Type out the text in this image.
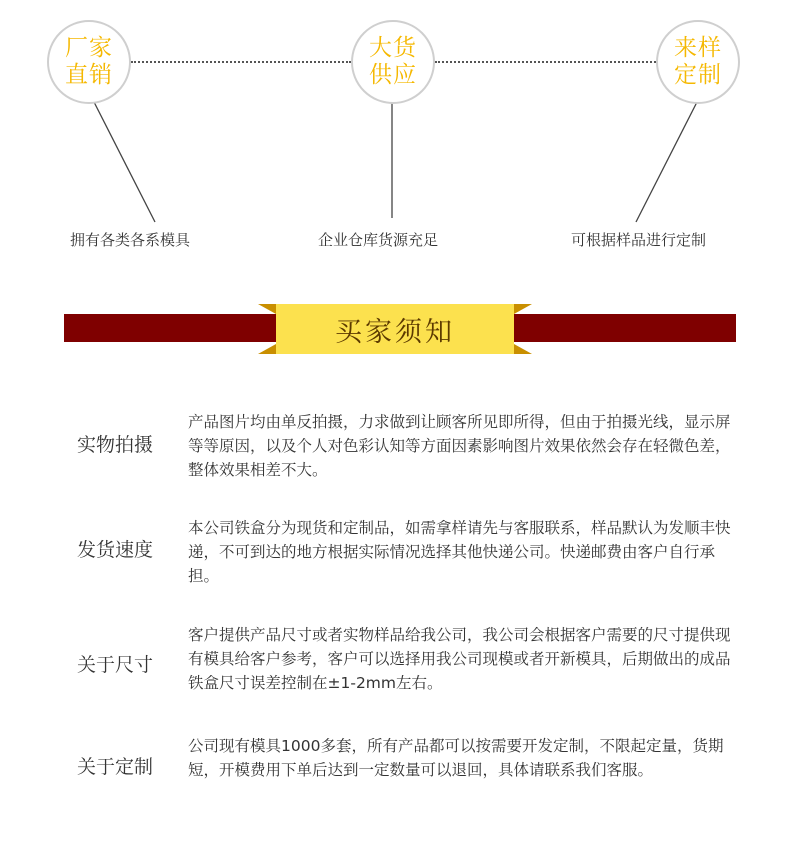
厂家
直销
大货
供应
来样
定制
拥有各类各系模具	企业仓库货源充足	可根据样品进行定制
买家须知
实物拍摄
产品图片均由单反拍摄，力求做到让顾客所见即所得，但由于拍摄光线，显示屏等等原因，以及个人对色彩认知等方面因素影响图片效果依然会存在轻微色差，整体效果相差不大。
发货速度
本公司铁盒分为现货和定制品，如需拿样请先与客服联系，样品默认为发顺丰快递，不可到达的地方根据实际情况选择其他快递公司。快递邮费由客户自行承担。
关于尺寸
客户提供产品尺寸或者实物样品给我公司，我公司会根据客户需要的尺寸提供现有模具给客户参考，客户可以选择用我公司现模或者开新模具，后期做出的成品铁盒尺寸误差控制在±1-2mm左右。
关于定制
公司现有模具1000多套，所有产品都可以按需要开发定制，不限起定量，货期短，开模费用下单后达到一定数量可以退回，具体请联系我们客服。
